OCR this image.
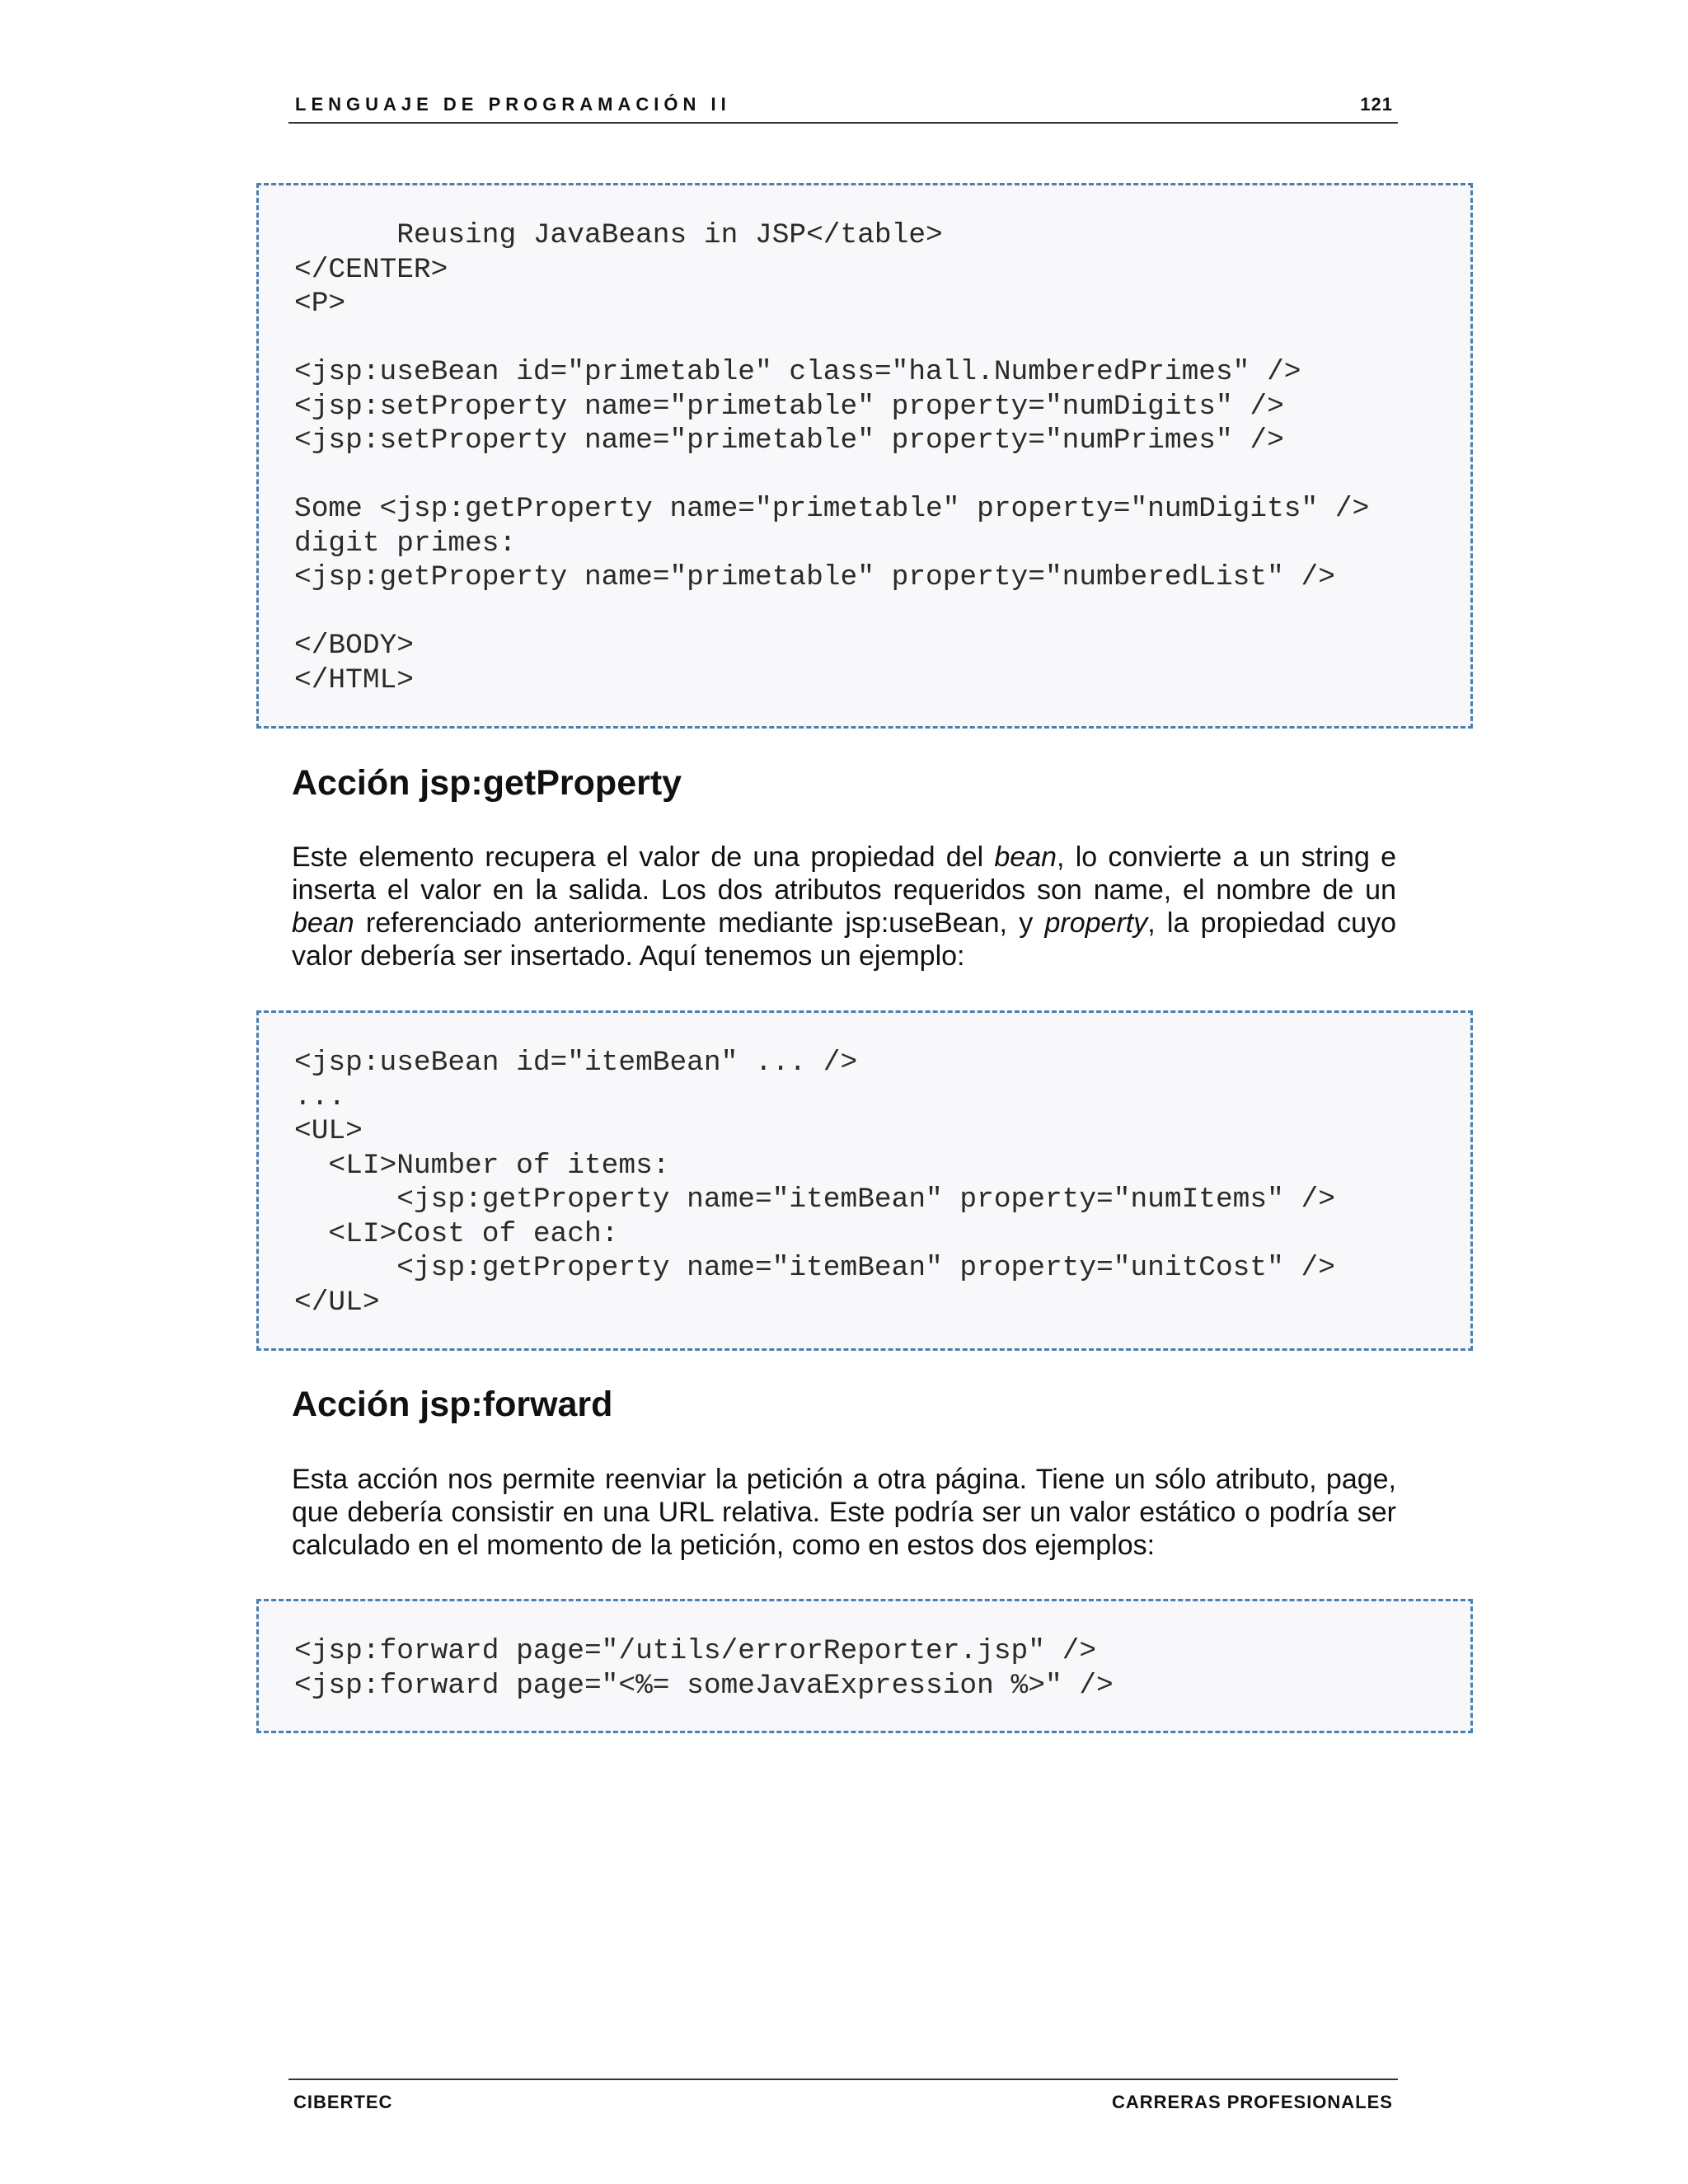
LENGUAJE DE PROGRAMACIÓN II	121
Reusing JavaBeans in JSP</table>
</CENTER>
<P>

<jsp:useBean id="primetable" class="hall.NumberedPrimes" />
<jsp:setProperty name="primetable" property="numDigits" />
<jsp:setProperty name="primetable" property="numPrimes" />

Some <jsp:getProperty name="primetable" property="numDigits" />
digit primes:
<jsp:getProperty name="primetable" property="numberedList" />

</BODY>
</HTML>
Acción jsp:getProperty

Este elemento recupera el valor de una propiedad del bean, lo convierte a un string e inserta el valor en la salida. Los dos atributos requeridos son name, el nombre de un bean referenciado anteriormente mediante jsp:useBean, y property, la propiedad cuyo valor debería ser insertado. Aquí tenemos un ejemplo:

<jsp:useBean id="itemBean" ... />
...
<UL>
<LI>Number of items:
<jsp:getProperty name="itemBean" property="numItems" />
<LI>Cost of each:
<jsp:getProperty name="itemBean" property="unitCost" />
</UL>
Acción jsp:forward

Esta acción nos permite reenviar la petición a otra página. Tiene un sólo atributo, page, que debería consistir en una URL relativa. Este podría ser un valor estático o podría ser calculado en el momento de la petición, como en estos dos ejemplos:

<jsp:forward page="/utils/errorReporter.jsp" />
<jsp:forward page="<%= someJavaExpression %>" />
CIBERTEC	CARRERAS PROFESIONALES
